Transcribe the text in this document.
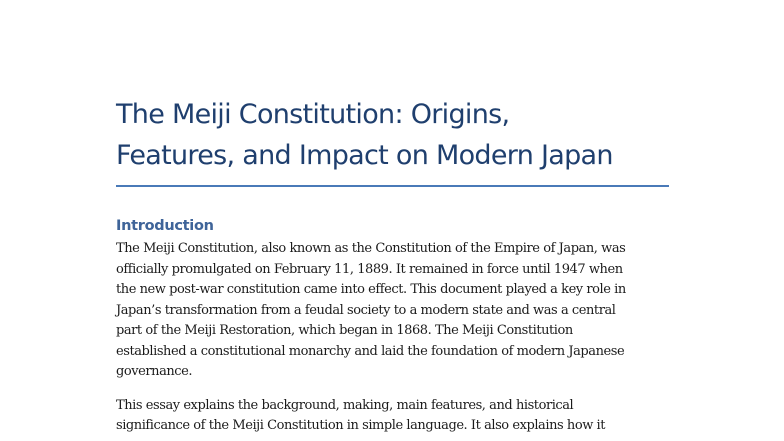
The Meiji Constitution: Origins,
Features, and Impact on Modern Japan
Introduction

The Meiji Constitution, also known as the Constitution of the Empire of Japan, was
officially promulgated on February 11, 1889. It remained in force until 1947 when
the new post-war constitution came into effect. This document played a key role in
Japan’s transformation from a feudal society to a modern state and was a central
part of the Meiji Restoration, which began in 1868. The Meiji Constitution
established a constitutional monarchy and laid the foundation of modern Japanese
governance.

This essay explains the background, making, main features, and historical
significance of the Meiji Constitution in simple language. It also explains how it
